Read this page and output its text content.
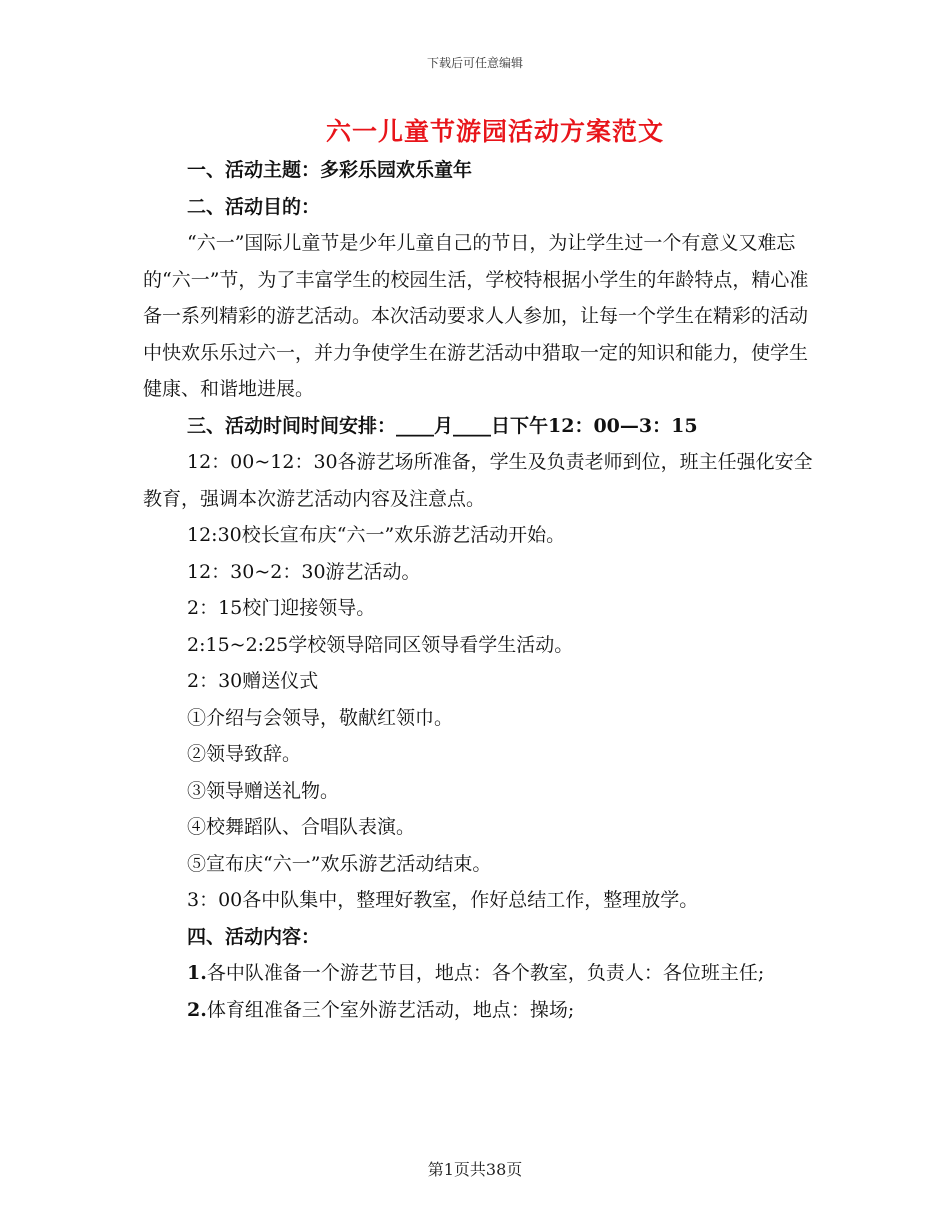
下载后可任意编辑
六一儿童节游园活动方案范文

一、活动主题：多彩乐园欢乐童年

二、活动目的：

“六一”国际儿童节是少年儿童自己的节日，为让学生过一个有意义又难忘的“六一”节，为了丰富学生的校园生活，学校特根据小学生的年龄特点，精心准备一系列精彩的游艺活动。本次活动要求人人参加，让每一个学生在精彩的活动中快欢乐乐过六一，并力争使学生在游艺活动中猎取一定的知识和能力，使学生健康、和谐地进展。

三、活动时间时间安排：____月____日下午12：00—3：15

12：00~12：30各游艺场所准备，学生及负责老师到位，班主任强化安全教育，强调本次游艺活动内容及注意点。

12:30校长宣布庆“六一”欢乐游艺活动开始。

12：30~2：30游艺活动。

2：15校门迎接领导。

2:15~2:25学校领导陪同区领导看学生活动。

2：30赠送仪式

①介绍与会领导，敬献红领巾。

②领导致辞。

③领导赠送礼物。

④校舞蹈队、合唱队表演。

⑤宣布庆“六一”欢乐游艺活动结束。

3：00各中队集中，整理好教室，作好总结工作，整理放学。

四、活动内容：

1.各中队准备一个游艺节目，地点：各个教室，负责人：各位班主任;

2.体育组准备三个室外游艺活动，地点：操场;

第1页共38页
